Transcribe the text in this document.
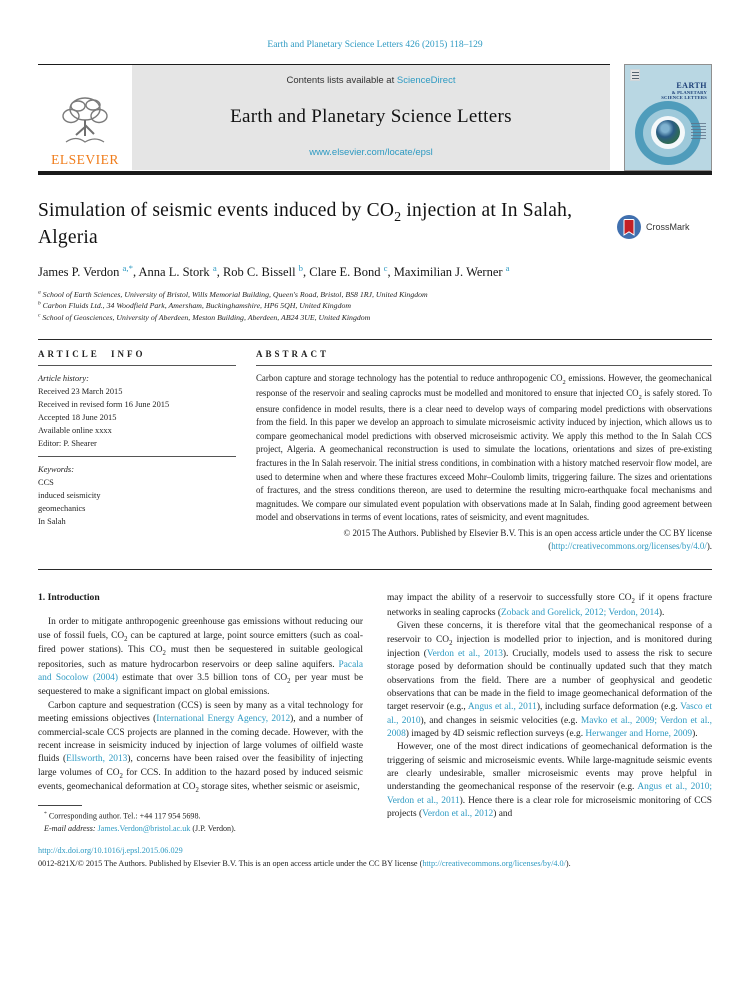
Earth and Planetary Science Letters 426 (2015) 118–129
ELSEVIER
Contents lists available at ScienceDirect
Earth and Planetary Science Letters
www.elsevier.com/locate/epsl
EARTH
& PLANETARY
SCIENCE LETTERS
Simulation of seismic events induced by $CO_2$ injection at In Salah,
Algeria	CrossMark
James P. Verdon $^{a,*}$, Anna L. Stork $^a$, Rob C. Bissell $^b$, Clare E. Bond $^c$, Maximilian J. Werner $^a$
$^a$ School of Earth Sciences, University of Bristol, Wills Memorial Building, Queen's Road, Bristol, BS8 1RJ, United Kingdom
$^b$ Carbon Fluids Ltd., 34 Woodfield Park, Amersham, Buckinghamshire, HP6 5QH, United Kingdom
$^c$ School of Geosciences, University of Aberdeen, Meston Building, Aberdeen, AB24 3UE, United Kingdom
ARTICLE INFO
Article history:
Received 23 March 2015
Received in revised form 16 June 2015
Accepted 18 June 2015
Available online xxxx
Editor: P. Shearer
Keywords:
CCS
induced seismicity
geomechanics
In Salah
ABSTRACT
Carbon capture and storage technology has the potential to reduce anthropogenic $CO_2$ emissions. However, the geomechanical response of the reservoir and sealing caprocks must be modelled and monitored to ensure that injected $CO_2$ is safely stored. To ensure confidence in model results, there is a clear need to develop ways of comparing model predictions with observations from the field. In this paper we develop an approach to simulate microseismic activity induced by injection, which allows us to compare geomechanical model predictions with observed microseismic activity. We apply this method to the In Salah CCS project, Algeria. A geomechanical reconstruction is used to simulate the locations, orientations and sizes of pre-existing fractures in the In Salah reservoir. The initial stress conditions, in combination with a history matched reservoir flow model, are used to determine when and where these fractures exceed Mohr–Coulomb limits, triggering failure. The sizes and orientations of fractures, and the stress conditions thereon, are used to determine the resulting micro-earthquake focal mechanisms and magnitudes. We compare our simulated event population with observations made at In Salah, finding good agreement between model and observations in terms of event locations, rates of seismicity, and event magnitudes.
© 2015 The Authors. Published by Elsevier B.V. This is an open access article under the CC BY license
(http://creativecommons.org/licenses/by/4.0/).
1. Introduction

In order to mitigate anthropogenic greenhouse gas emissions without reducing our use of fossil fuels, $CO_2$ can be captured at large, point source emitters (such as coal-fired power stations). This $CO_2$ must then be sequestered in suitable geological repositories, such as mature hydrocarbon reservoirs or deep saline aquifers. Pacala and Socolow (2004) estimate that over 3.5 billion tons of $CO_2$ per year must be sequestered to make a significant impact on global emissions.

Carbon capture and sequestration (CCS) is seen by many as a vital technology for meeting emissions objectives (International Energy Agency, 2012), and a number of commercial-scale CCS projects are planned in the coming decade. However, with the recent increase in seismicity induced by injection of large volumes of oilfield waste fluids (Ellsworth, 2013), concerns have been raised over the feasibility of injecting large volumes of $CO_2$ for CCS. In addition to the hazard posed by induced seismic events, geomechanical deformation at $CO_2$ storage sites, whether seismic or aseismic,

* Corresponding author. Tel.: +44 117 954 5698.
E-mail address: James.Verdon@bristol.ac.uk (J.P. Verdon).

may impact the ability of a reservoir to successfully store $CO_2$ if it opens fracture networks in sealing caprocks (Zoback and Gorelick, 2012; Verdon, 2014).

Given these concerns, it is therefore vital that the geomechanical response of a reservoir to $CO_2$ injection is modelled prior to injection, and is monitored during injection (Verdon et al., 2013). Crucially, models used to assess the risk to secure storage posed by deformation should be continually updated such that they match observations from the field. There are a number of geophysical and geodetic observations that can be made in the field to image geomechanical deformation of the target reservoir (e.g., Angus et al., 2011), including surface deformation (e.g. Vasco et al., 2010), and changes in seismic velocities (e.g. Mavko et al., 2009; Verdon et al., 2008) imaged by 4D seismic reflection surveys (e.g. Herwanger and Horne, 2009).

However, one of the most direct indications of geomechanical deformation is the triggering of seismic and microseismic events. While large-magnitude seismic events are clearly undesirable, smaller microseismic events may prove helpful in understanding the geomechanical response of the reservoir (e.g. Angus et al., 2010; Verdon et al., 2011). Hence there is a clear role for microseismic monitoring of CCS projects (Verdon et al., 2012) and

http://dx.doi.org/10.1016/j.epsl.2015.06.029
0012-821X/© 2015 The Authors. Published by Elsevier B.V. This is an open access article under the CC BY license (http://creativecommons.org/licenses/by/4.0/).
